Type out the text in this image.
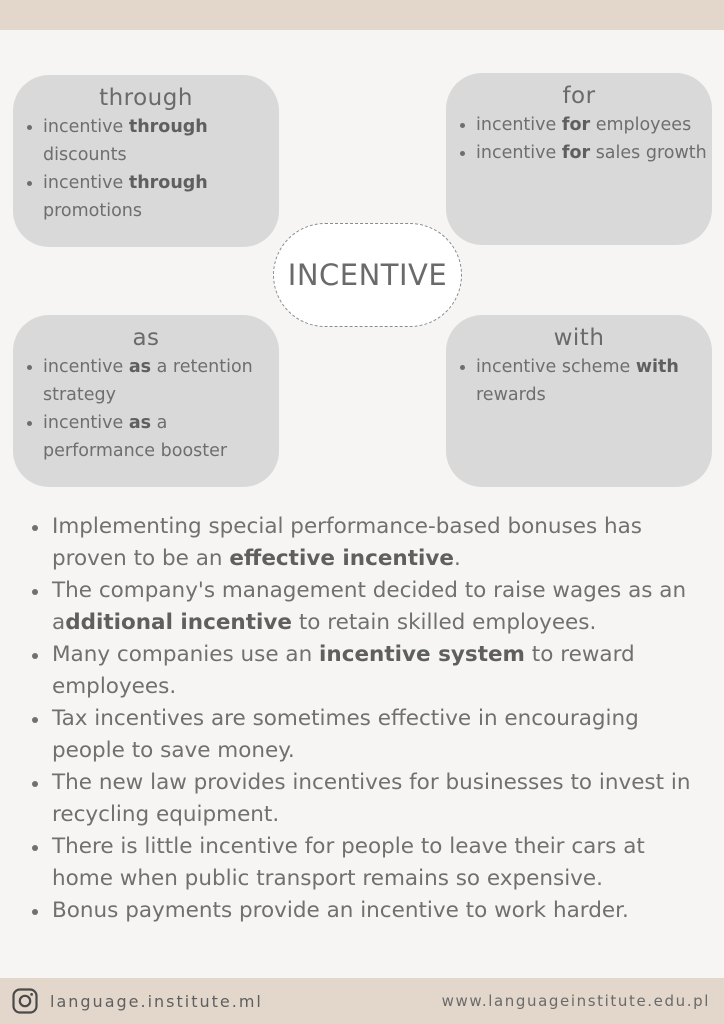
through
incentive through discounts
incentive through promotions
for
incentive for employees
incentive for sales growth
as
incentive as a retention strategy
incentive as a performance booster
with
incentive scheme with rewards
INCENTIVE
Implementing special performance-based bonuses has proven to be an effective incentive.
The company's management decided to raise wages as an additional incentive to retain skilled employees.
Many companies use an incentive system to reward employees.
Tax incentives are sometimes effective in encouraging people to save money.
The new law provides incentives for businesses to invest in recycling equipment.
There is little incentive for people to leave their cars at home when public transport remains so expensive.
Bonus payments provide an incentive to work harder.
language.institute.ml	www.languageinstitute.edu.pl
